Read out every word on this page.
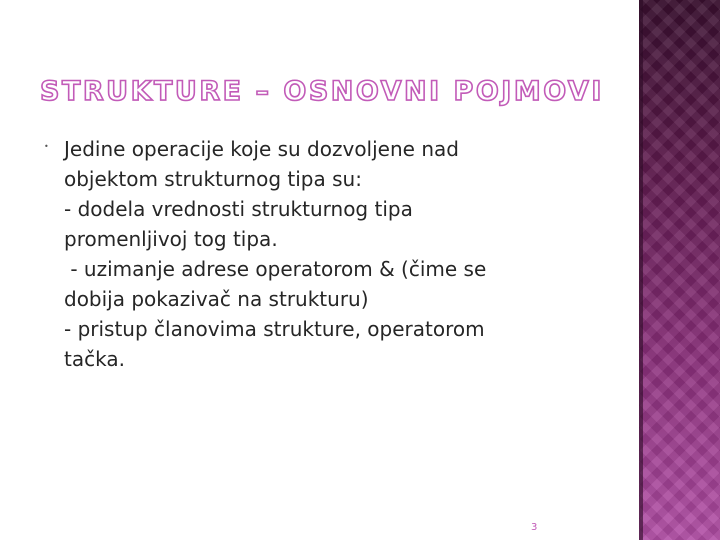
STRUKTURE – OSNOVNI POJMOVI
• Jedine operacije koje su dozvoljene nad
objektom strukturnog tipa su:
- dodela vrednosti strukturnog tipa
promenljivoj tog tipa.
- uzimanje adrese operatorom & (čime se
dobija pokazivač na strukturu)
- pristup članovima strukture, operatorom
tačka.
3
